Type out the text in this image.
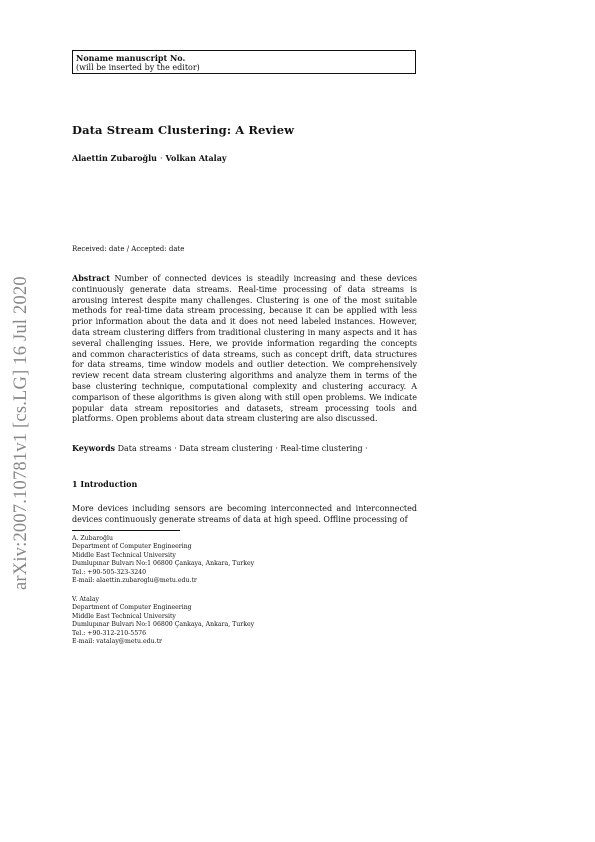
arXiv:2007.10781v1 [cs.LG] 16 Jul 2020
Noname manuscript No.
(will be inserted by the editor)
Data Stream Clustering: A Review
Alaettin Zubaroğlu · Volkan Atalay
Received: date / Accepted: date
Abstract Number of connected devices is steadily increasing and these devices continuously generate data streams. Real-time processing of data streams is arousing interest despite many challenges. Clustering is one of the most suitable methods for real-time data stream processing, because it can be applied with less prior information about the data and it does not need labeled instances. However, data stream clustering differs from traditional clustering in many aspects and it has several challenging issues. Here, we provide information regarding the concepts and common characteristics of data streams, such as concept drift, data structures for data streams, time window models and outlier detection. We comprehensively review recent data stream clustering algorithms and analyze them in terms of the base clustering technique, computational complexity and clustering accuracy. A comparison of these algorithms is given along with still open problems. We indicate popular data stream repositories and datasets, stream processing tools and platforms. Open problems about data stream clustering are also discussed.
Keywords Data streams · Data stream clustering · Real-time clustering ·
1 Introduction
More devices including sensors are becoming interconnected and interconnected devices continuously generate streams of data at high speed. Offline processing of
A. Zubaroğlu
Department of Computer Engineering
Middle East Technical University
Dumlupınar Bulvarı No:1 06800 Çankaya, Ankara, Turkey
Tel.: +90-505-323-3240
E-mail: alaettin.zubaroglu@metu.edu.tr
V. Atalay
Department of Computer Engineering
Middle East Technical University
Dumlupınar Bulvarı No:1 06800 Çankaya, Ankara, Turkey
Tel.: +90-312-210-5576
E-mail: vatalay@metu.edu.tr
